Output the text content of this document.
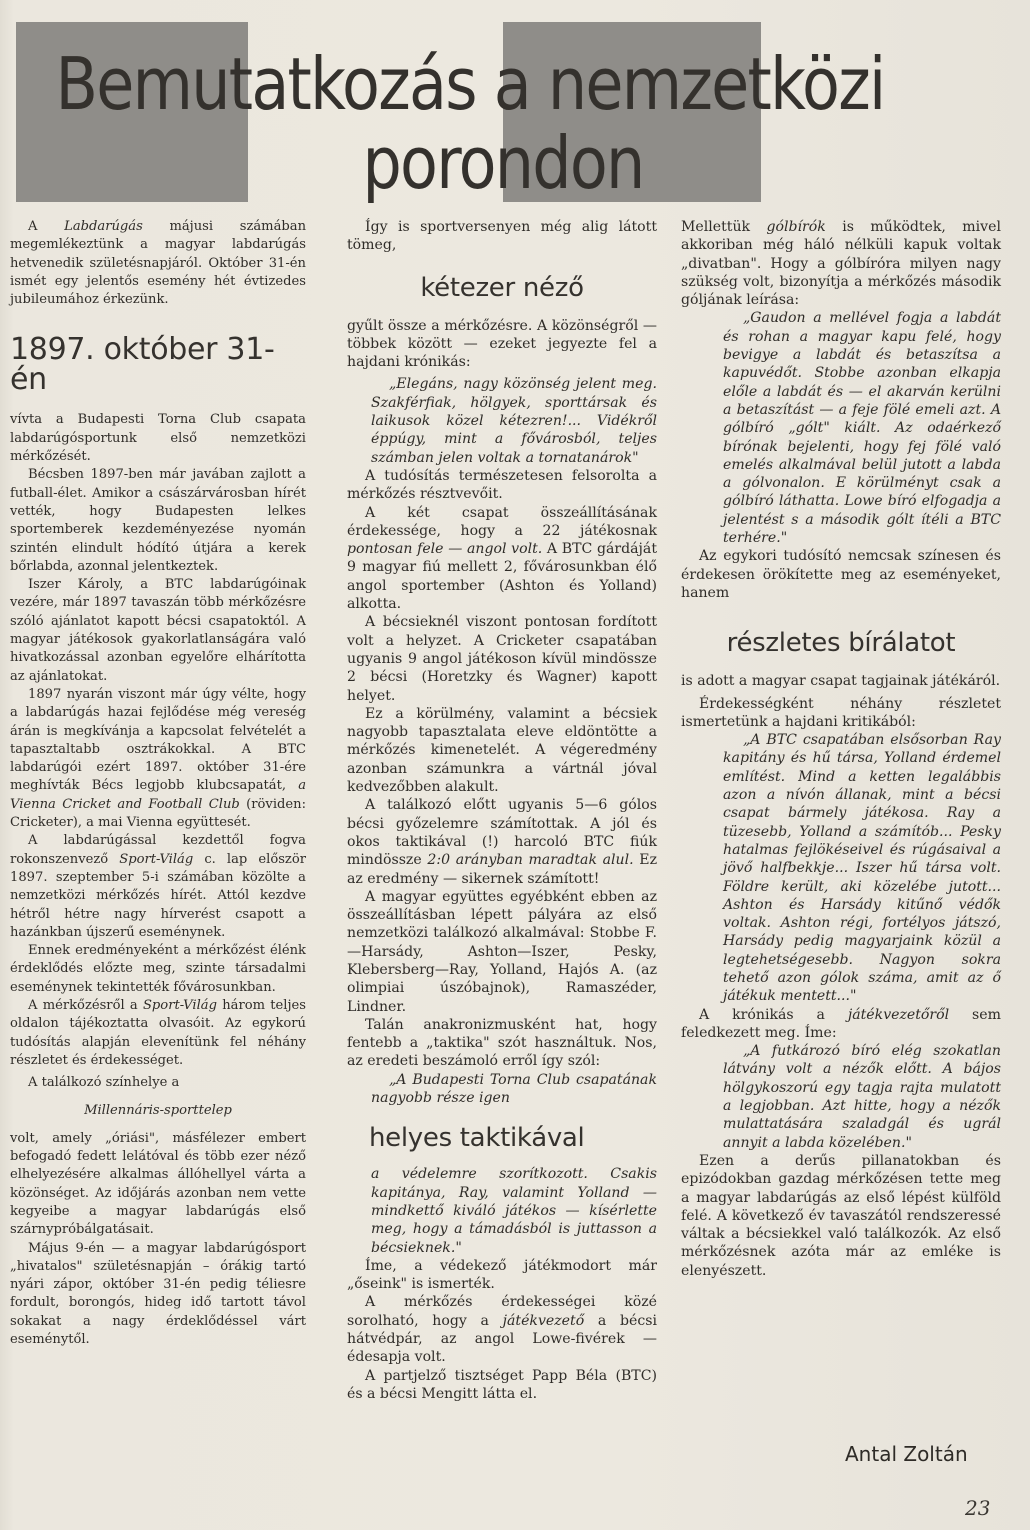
Bemutatkozás a nemzetközi
porondon

A Labdarúgás májusi számában megemlékeztünk a magyar labdarúgás hetvenedik születésnapjáról. Október 31-én ismét egy jelentős esemény hét évtizedes jubileumához érkezünk.

1897. október 31-én

vívta a Budapesti Torna Club csapata labdarúgósportunk első nemzetközi mérkőzését.

Bécsben 1897-ben már javában zajlott a futball-élet. Amikor a császárvárosban hírét vették, hogy Budapesten lelkes sportemberek kezdeményezése nyomán szintén elindult hódító útjára a kerek bőrlabda, azonnal jelentkeztek.

Iszer Károly, a BTC labdarúgóinak vezére, már 1897 tavaszán több mérkőzésre szóló ajánlatot kapott bécsi csapatoktól. A magyar játékosok gyakorlatlanságára való hivatkozással azonban egyelőre elhárította az ajánlatokat.

1897 nyarán viszont már úgy vélte, hogy a labdarúgás hazai fejlődése még vereség árán is megkívánja a kapcsolat felvételét a tapasztaltabb osztrákokkal. A BTC labdarúgói ezért 1897. október 31-ére meghívták Bécs legjobb klubcsapatát, a Vienna Cricket and Football Club (röviden: Cricketer), a mai Vienna együttesét.

A labdarúgással kezdettől fogva rokonszenvező Sport-Világ c. lap először 1897. szeptember 5-i számában közölte a nemzetközi mérkőzés hírét. Attól kezdve hétről hétre nagy hírverést csapott a hazánkban újszerű eseménynek.

Ennek eredményeként a mérkőzést élénk érdeklődés előzte meg, szinte társadalmi eseménynek tekintették fővárosunkban.

A mérkőzésről a Sport-Világ három teljes oldalon tájékoztatta olvasóit. Az egykorú tudósítás alapján elevenítünk fel néhány részletet és érdekességet.

A találkozó színhelye a

Millennáris-sporttelep

volt, amely „óriási", másfélezer embert befogadó fedett lelátóval és több ezer néző elhelyezésére alkalmas állóhellyel várta a közönséget. Az időjárás azonban nem vette kegyeibe a magyar labdarúgás első szárnypróbálgatásait.

Május 9-én — a magyar labdarúgósport „hivatalos" születésnapján – órákig tartó nyári zápor, október 31-én pedig téliesre fordult, borongós, hideg idő tartott távol sokakat a nagy érdeklődéssel várt eseménytől.

Így is sportversenyen még alig látott tömeg,

kétezer néző

gyűlt össze a mérkőzésre. A közönségről — többek között — ezeket jegyezte fel a hajdani krónikás:

„Elegáns, nagy közönség jelent meg. Szakférfiak, hölgyek, sporttársak és laikusok közel kétezren!... Vidékről éppúgy, mint a fővárosból, teljes számban jelen voltak a tornatanárok"

A tudósítás természetesen felsorolta a mérkőzés résztvevőit.

A két csapat összeállításának érdekessége, hogy a 22 játékosnak pontosan fele — angol volt. A BTC gárdáját 9 magyar fiú mellett 2, fővárosunkban élő angol sportember (Ashton és Yolland) alkotta.

A bécsieknél viszont pontosan fordított volt a helyzet. A Cricketer csapatában ugyanis 9 angol játékoson kívül mindössze 2 bécsi (Horetzky és Wagner) kapott helyet.

Ez a körülmény, valamint a bécsiek nagyobb tapasztalata eleve eldöntötte a mérkőzés kimenetelét. A végeredmény azonban számunkra a vártnál jóval kedvezőbben alakult.

A találkozó előtt ugyanis 5—6 gólos bécsi győzelemre számítottak. A jól és okos taktikával (!) harcoló BTC fiúk mindössze 2:0 arányban maradtak alul. Ez az eredmény — sikernek számított!

A magyar együttes egyébként ebben az összeállításban lépett pályára az első nemzetközi találkozó alkalmával: Stobbe F.—Harsády, Ashton—Iszer, Pesky, Klebersberg—Ray, Yolland, Hajós A. (az olimpiai úszóbajnok), Ramaszéder, Lindner.

Talán anakronizmusként hat, hogy fentebb a „taktika" szót használtuk. Nos, az eredeti beszámoló erről így szól:

„A Budapesti Torna Club csapatának nagyobb része igen

helyes taktikával

a védelemre szorítkozott. Csakis kapitánya, Ray, valamint Yolland — mindkettő kiváló játékos — kísérlette meg, hogy a támadásból is juttasson a bécsieknek."

Íme, a védekező játékmodort már „őseink" is ismerték.

A mérkőzés érdekességei közé sorolható, hogy a játékvezető a bécsi hátvédpár, az angol Lowe-fivérek — édesapja volt.

A partjelző tisztséget Papp Béla (BTC) és a bécsi Mengitt látta el.

Mellettük gólbírók is működtek, mivel akkoriban még háló nélküli kapuk voltak „divatban". Hogy a gólbíróra milyen nagy szükség volt, bizonyítja a mérkőzés második góljának leírása:

„Gaudon a mellével fogja a labdát és rohan a magyar kapu felé, hogy bevigye a labdát és betaszítsa a kapuvédőt. Stobbe azonban elkapja előle a labdát és — el akarván kerülni a betaszítást — a feje fölé emeli azt. A gólbíró „gólt" kiált. Az odaérkező bírónak bejelenti, hogy fej fölé való emelés alkalmával belül jutott a labda a gólvonalon. E körülményt csak a gólbíró láthatta. Lowe bíró elfogadja a jelentést s a második gólt ítéli a BTC terhére."

Az egykori tudósító nemcsak színesen és érdekesen örökítette meg az eseményeket, hanem

részletes bírálatot

is adott a magyar csapat tagjainak játékáról.

Érdekességként néhány részletet ismertetünk a hajdani kritikából:

„A BTC csapatában elsősorban Ray kapitány és hű társa, Yolland érdemel említést. Mind a ketten legalábbis azon a nívón állanak, mint a bécsi csapat bármely játékosa. Ray a tüzesebb, Yolland a számítób... Pesky hatalmas fejlökéseivel és rúgásaival a jövő halfbekkje... Iszer hű társa volt. Földre került, aki közelébe jutott... Ashton és Harsády kitűnő védők voltak. Ashton régi, fortélyos játszó, Harsády pedig magyarjaink közül a legtehetségesebb. Nagyon sokra tehető azon gólok száma, amit az ő játékuk mentett..."

A krónikás a játékvezetőről sem feledkezett meg. Íme:

„A futkározó bíró elég szokatlan látvány volt a nézők előtt. A bájos hölgykoszorú egy tagja rajta mulatott a legjobban. Azt hitte, hogy a nézők mulattatására szaladgál és ugrál annyit a labda közelében."

Ezen a derűs pillanatokban és epizódokban gazdag mérkőzésen tette meg a magyar labdarúgás az első lépést külföld felé. A következő év tavaszától rendszeressé váltak a bécsiekkel való találkozók. Az első mérkőzésnek azóta már az emléke is elenyészett.

Antal Zoltán
23
